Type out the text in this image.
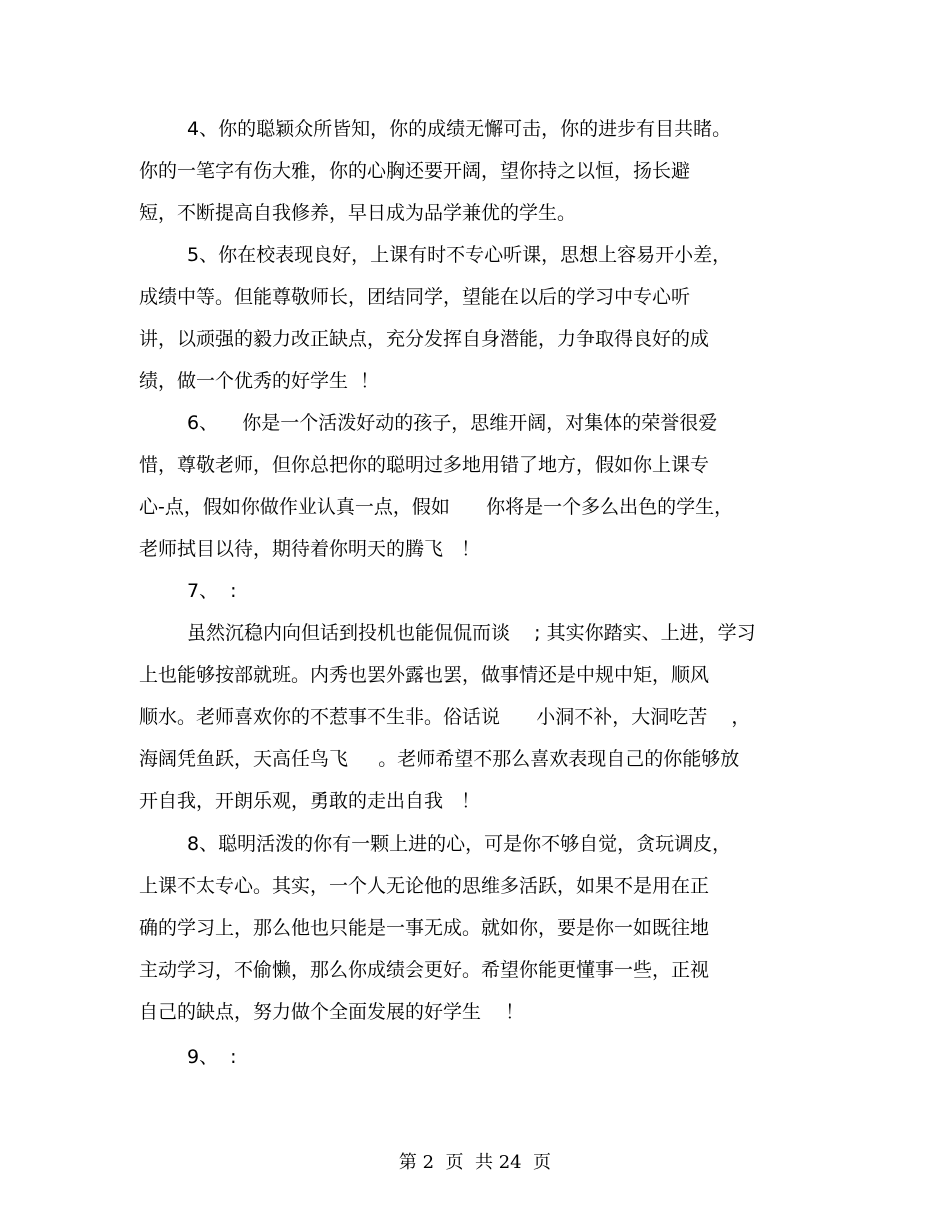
4、你的聪颖众所皆知，你的成绩无懈可击，你的进步有目共睹。
你的一笔字有伤大雅，你的心胸还要开阔，望你持之以恒，扬长避
短，不断提高自我修养，早日成为品学兼优的学生。
5、你在校表现良好，上课有时不专心听课，思想上容易开小差，
成绩中等。但能尊敬师长，团结同学，望能在以后的学习中专心听
讲，以顽强的毅力改正缺点，充分发挥自身潜能，力争取得良好的成
绩，做一个优秀的好学生  ！
6、    你是一个活泼好动的孩子，思维开阔，对集体的荣誉很爱
惜，尊敬老师，但你总把你的聪明过多地用错了地方，假如你上课专
心-点，假如你做作业认真一点，假如      你将是一个多么出色的学生，
老师拭目以待，期待着你明天的腾飞   ！
7、  :
虽然沉稳内向但话到投机也能侃侃而谈    ; 其实你踏实、上进，学习
上也能够按部就班。内秀也罢外露也罢，做事情还是中规中矩，顺风
顺水。老师喜欢你的不惹事不生非。俗话说      小洞不补，大洞吃苦    ，
海阔凭鱼跃，天高任鸟飞     。老师希望不那么喜欢表现自己的你能够放
开自我，开朗乐观，勇敢的走出自我   ！
8、聪明活泼的你有一颗上进的心，可是你不够自觉，贪玩调皮，
上课不太专心。其实，一个人无论他的思维多活跃，如果不是用在正
确的学习上，那么他也只能是一事无成。就如你，要是你一如既往地
主动学习，不偷懒，那么你成绩会更好。希望你能更懂事一些，正视
自己的缺点，努力做个全面发展的好学生    ！
9、  :
第 2  页  共 24  页
